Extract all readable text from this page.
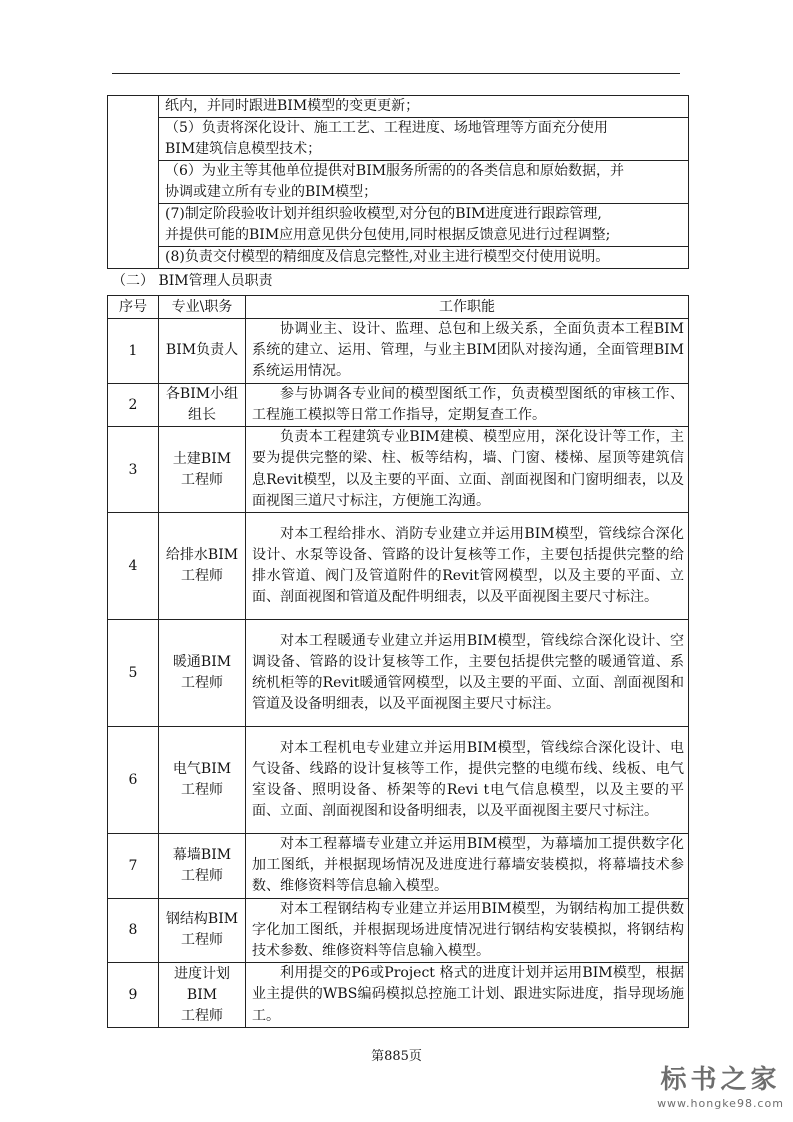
纸内，并同时跟进BIM模型的变更更新；

（5）负责将深化设计、施工工艺、工程进度、场地管理等方面充分使用

BIM建筑信息模型技术；

（6）为业主等其他单位提供对BIM服务所需的的各类信息和原始数据，并

协调或建立所有专业的BIM模型；

(7)制定阶段验收计划并组织验收模型,对分包的BIM进度进行跟踪管理,

并提供可能的BIM应用意见供分包使用,同时根据反馈意见进行过程调整;

(8)负责交付模型的精细度及信息完整性,对业主进行模型交付使用说明。

（二） BIM管理人员职责
序号	专业\职务	工作职能
1	BIM负责人	协调业主、设计、监理、总包和上级关系，全面负责本工程BIM系统的建立、运用、管理，与业主BIM团队对接沟通，全面管理BIM系统运用情况。

2	各BIM小组
组长	参与协调各专业间的模型图纸工作，负责模型图纸的审核工作、工程施工模拟等日常工作指导，定期复查工作。

3	土建BIM
工程师	负责本工程建筑专业BIM建模、模型应用，深化设计等工作，主要为提供完整的梁、柱、板等结构，墙、门窗、楼梯、屋顶等建筑信息Revit模型，以及主要的平面、立面、剖面视图和门窗明细表，以及面视图三道尺寸标注，方便施工沟通。

4	给排水BIM
工程师	对本工程给排水、消防专业建立并运用BIM模型，管线综合深化设计、水泵等设备、管路的设计复核等工作，主要包括提供完整的给排水管道、阀门及管道附件的Revit管网模型，以及主要的平面、立面、剖面视图和管道及配件明细表，以及平面视图主要尺寸标注。

5	暖通BIM
工程师	对本工程暖通专业建立并运用BIM模型，管线综合深化设计、空调设备、管路的设计复核等工作，主要包括提供完整的暖通管道、系统机柜等的Revit暖通管网模型，以及主要的平面、立面、剖面视图和管道及设备明细表，以及平面视图主要尺寸标注。

6	电气BIM
工程师	对本工程机电专业建立并运用BIM模型，管线综合深化设计、电气设备、线路的设计复核等工作，提供完整的电缆布线、线板、电气室设备、照明设备、桥架等的Revi t电气信息模型，以及主要的平面、立面、剖面视图和设备明细表，以及平面视图主要尺寸标注。

7	幕墙BIM
工程师	对本工程幕墙专业建立并运用BIM模型，为幕墙加工提供数字化加工图纸，并根据现场情况及进度进行幕墙安装模拟，将幕墙技术参数、维修资料等信息输入模型。

8	钢结构BIM
工程师	对本工程钢结构专业建立并运用BIM模型，为钢结构加工提供数字化加工图纸，并根据现场进度情况进行钢结构安装模拟，将钢结构技术参数、维修资料等信息输入模型。

9	进度计划
BIM
工程师	利用提交的P6或Project 格式的进度计划并运用BIM模型，根据业主提供的WBS编码模拟总控施工计划、跟进实际进度，指导现场施工。

第885页
标书之家
www.hongke98.com
